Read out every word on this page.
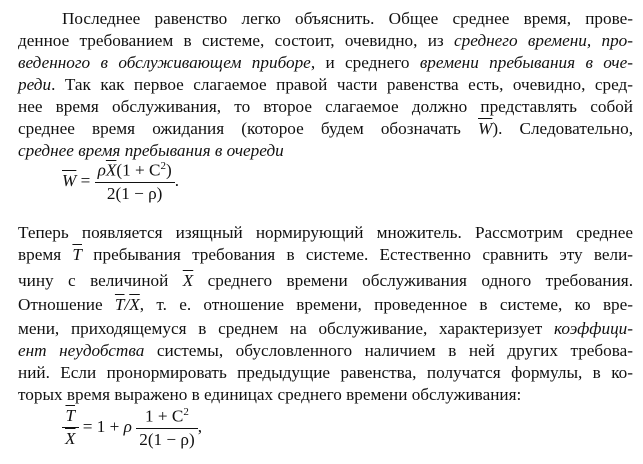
Последнее равенство легко объяснить. Общее среднее время, прове-
денное требованием в системе, состоит, очевидно, из среднего времени, про-
веденного в обслуживающем приборе, и среднего времени пребывания в оче-
реди. Так как первое слагаемое правой части равенства есть, очевидно, сред-
нее время обслуживания, то второе слагаемое должно представлять собой
среднее время ожидания (которое будем обозначать $\overline{W}$). Следовательно,
среднее время пребывания в очереди
$\overline{W} = \frac{\rho\overline{X}(1 + C^2)}{2(1 - \rho)}$ .
Теперь появляется изящный нормирующий множитель. Рассмотрим среднее
время $\overline{T}$ пребывания требования в системе. Естественно сравнить эту вели-
чину с величиной $\overline{X}$ среднего времени обслуживания одного требования.
Отношение $\overline{T}/\overline{X}$, т. е. отношение времени, проведенное в системе, ко вре-
мени, приходящемуся в среднем на обслуживание, характеризует коэффици-
ент неудобства системы, обусловленного наличием в ней других требова-
ний. Если пронормировать предыдущие равенства, получатся формулы, в ко-
торых время выражено в единицах среднего времени обслуживания:
$\frac{\overline{T}}{X} = 1 + \rho \frac{1 + C^2}{2(1 - \rho)}$ ,
